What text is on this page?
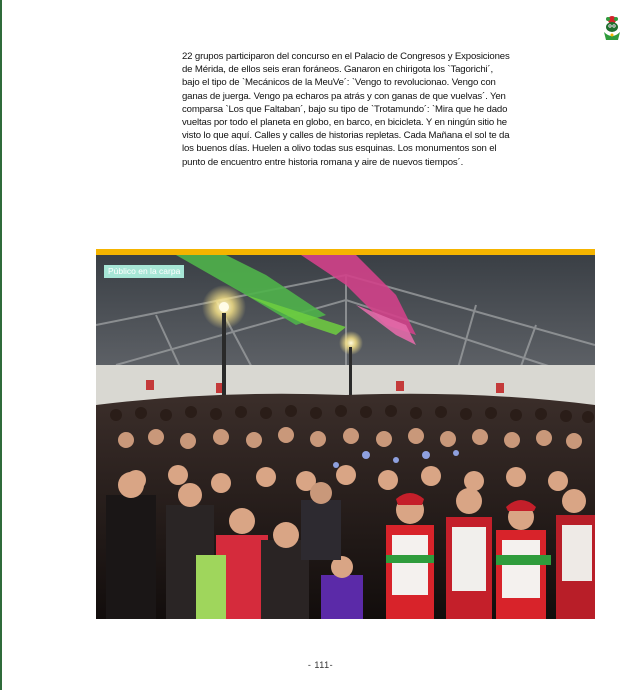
22 grupos participaron del concurso en el Palacio de Congresos y Exposiciones de Mérida, de ellos seis eran foráneos. Ganaron en chirigota los `Tagorichi´, bajo el tipo de `Mecánicos de la MeuVe´: `Vengo to revolucionao. Vengo con ganas de juerga. Vengo pa echaros pa atrás y con ganas de que vuelvas´. Yen comparsa `Los que Faltaban´, bajo su tipo de `Trotamundo´: `Mira que he dado vueltas por todo el planeta en globo, en barco, en bicicleta. Y en ningún sitio he visto lo que aquí. Calles y calles de historias repletas. Cada Mañana el sol te da los buenos días. Huelen a olivo todas sus esquinas. Los monumentos son el punto de encuentro entre historia romana y aire de nuevos tiempos´.
Público en la carpa
- 111-
